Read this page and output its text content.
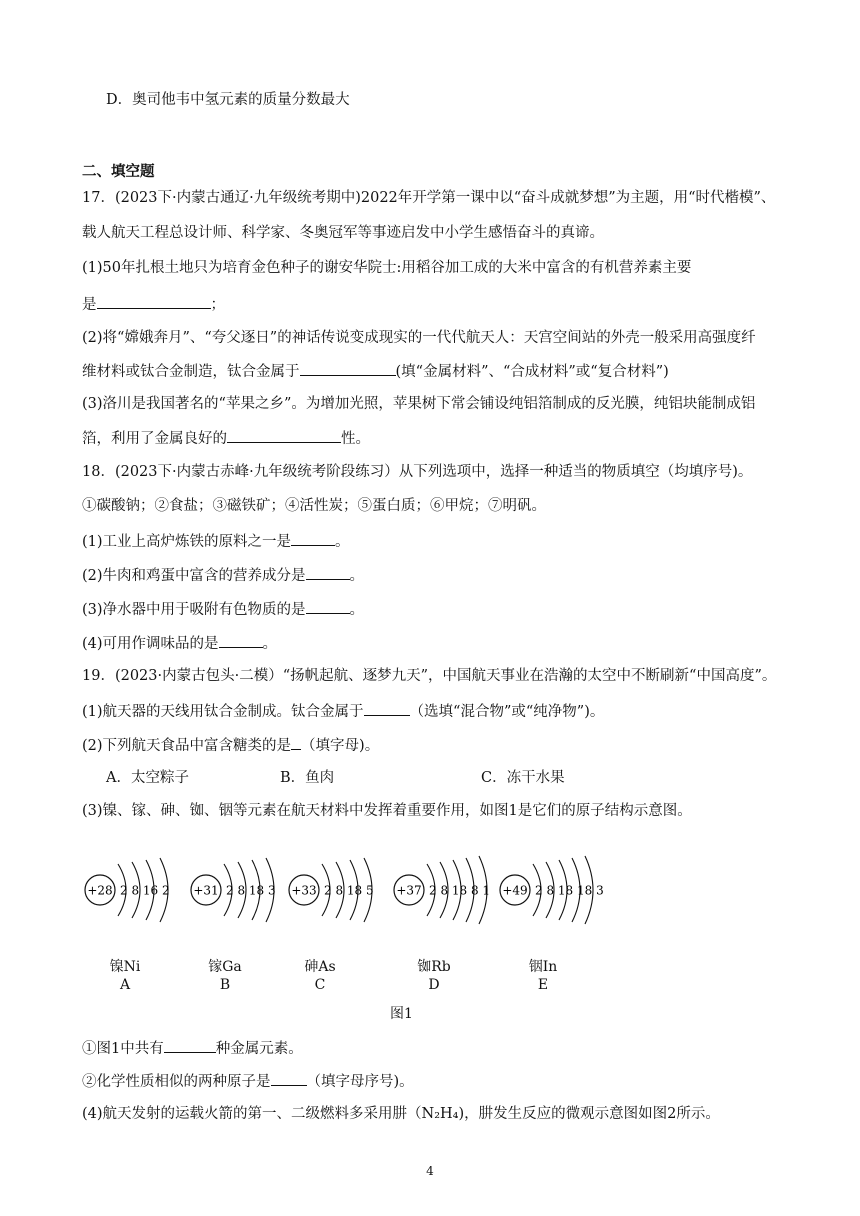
D．奥司他韦中氢元素的质量分数最大
二、填空题
17．(2023下·内蒙古通辽·九年级统考期中)2022年开学第一课中以“奋斗成就梦想”为主题，用“时代楷模”、
载人航天工程总设计师、科学家、冬奥冠军等事迹启发中小学生感悟奋斗的真谛。
(1)50年扎根土地只为培育金色种子的谢安华院士:用稻谷加工成的大米中富含的有机营养素主要
是	；
(2)将“嫦娥奔月”、“夸父逐日”的神话传说变成现实的一代代航天人：天宫空间站的外壳一般采用高强度纤
维材料或钛合金制造，钛合金属于	(填“金属材料”、“合成材料”或“复合材料”)
(3)洛川是我国著名的“苹果之乡”。为增加光照，苹果树下常会铺设纯铝箔制成的反光膜，纯铝块能制成铝
箔，利用了金属良好的	性。
18．(2023下·内蒙古赤峰·九年级统考阶段练习）从下列选项中，选择一种适当的物质填空（均填序号)。
①碳酸钠；②食盐；③磁铁矿；④活性炭；⑤蛋白质；⑥甲烷；⑦明矾。
(1)工业上高炉炼铁的原料之一是	。
(2)牛肉和鸡蛋中富含的营养成分是	。
(3)净水器中用于吸附有色物质的是	。
(4)可用作调味品的是	。
19．(2023·内蒙古包头·二模）“扬帆起航、逐梦九天”，中国航天事业在浩瀚的太空中不断刷新“中国高度”。
(1)航天器的天线用钛合金制成。钛合金属于	（选填“混合物”或“纯净物”)。
(2)下列航天食品中富含糖类的是 （填字母)。
A．太空粽子	B．鱼肉	C．冻干水果
(3)镍、镓、砷、铷、铟等元素在航天材料中发挥着重要作用，如图1是它们的原子结构示意图。
+28 2 8 16 2 +31 2 8 18 3 +33 2 8 18 5 +37 2 8 18 8 1 +49 2 8 18 18 3
镍Ni
A
镓Ga
B
砷As
C
铷Rb
D
铟In
E
图1
①图1中共有	种金属元素。
②化学性质相似的两种原子是 （填字母序号)。
(4)航天发射的运载火箭的第一、二级燃料多采用肼（N₂H₄)，肼发生反应的微观示意图如图2所示。
4
